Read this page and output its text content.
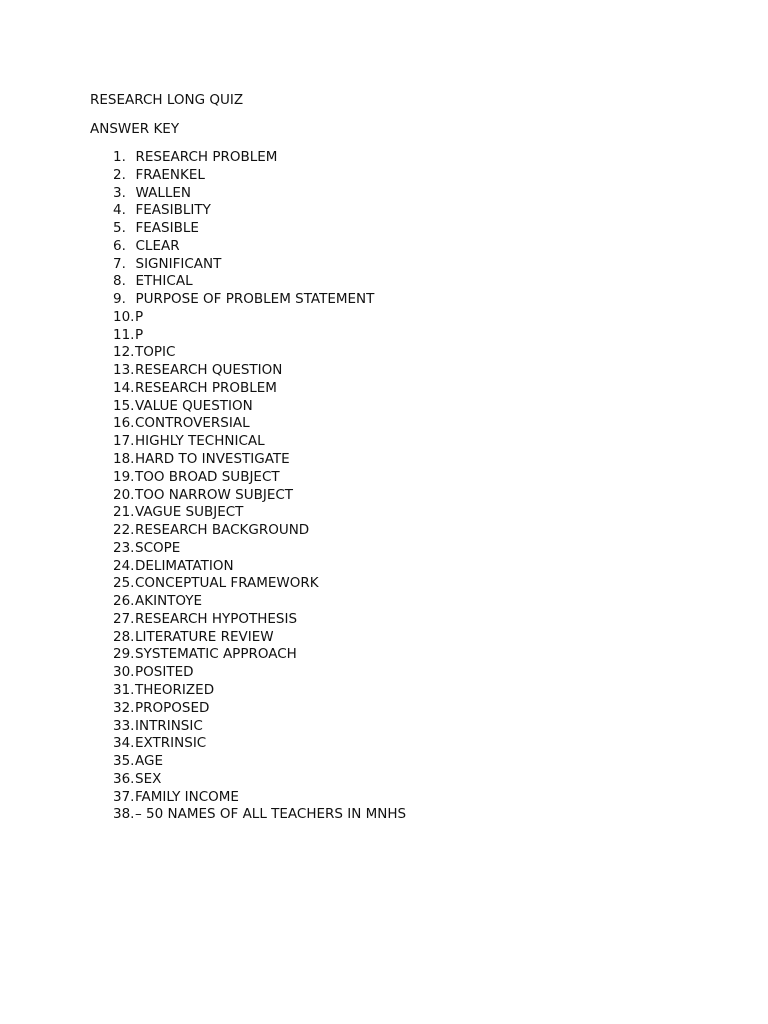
RESEARCH LONG QUIZ
ANSWER KEY
1. RESEARCH PROBLEM
2. FRAENKEL
3. WALLEN
4. FEASIBLITY
5. FEASIBLE
6. CLEAR
7. SIGNIFICANT
8. ETHICAL
9. PURPOSE OF PROBLEM STATEMENT
10.P
11.P
12.TOPIC
13.RESEARCH QUESTION
14.RESEARCH PROBLEM
15.VALUE QUESTION
16.CONTROVERSIAL
17.HIGHLY TECHNICAL
18.HARD TO INVESTIGATE
19.TOO BROAD SUBJECT
20.TOO NARROW SUBJECT
21.VAGUE SUBJECT
22.RESEARCH BACKGROUND
23.SCOPE
24.DELIMATATION
25.CONCEPTUAL FRAMEWORK
26.AKINTOYE
27.RESEARCH HYPOTHESIS
28.LITERATURE REVIEW
29.SYSTEMATIC APPROACH
30.POSITED
31.THEORIZED
32.PROPOSED
33.INTRINSIC
34.EXTRINSIC
35.AGE
36.SEX
37.FAMILY INCOME
38.– 50 NAMES OF ALL TEACHERS IN MNHS
